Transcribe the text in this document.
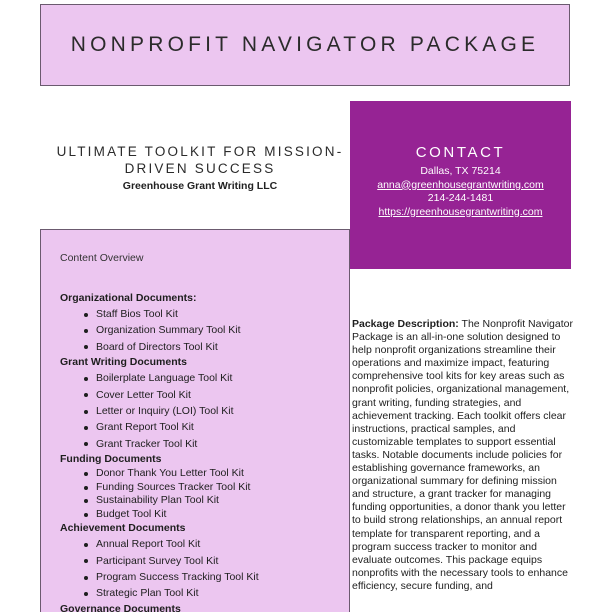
NONPROFIT NAVIGATOR PACKAGE
ULTIMATE TOOLKIT FOR MISSION-
DRIVEN SUCCESS
Greenhouse Grant Writing LLC
CONTACT
Dallas, TX 75214
anna@greenhousegrantwriting.com
214-244-1481
https://greenhousegrantwriting.com
Content Overview
Organizational Documents:
Staff Bios Tool Kit
Organization Summary Tool Kit
Board of Directors Tool Kit
Grant Writing Documents
Boilerplate Language Tool Kit
Cover Letter Tool Kit
Letter or Inquiry (LOI) Tool Kit
Grant Report Tool Kit
Grant Tracker Tool Kit
Funding Documents
Donor Thank You Letter Tool Kit
Funding Sources Tracker Tool Kit
Sustainability Plan Tool Kit
Budget Tool Kit
Achievement Documents
Annual Report Tool Kit
Participant Survey Tool Kit
Program Success Tracking Tool Kit
Strategic Plan Tool Kit
Governance Documents
Package Description: The Nonprofit Navigator Package is an all-in-one solution designed to help nonprofit organizations streamline their operations and maximize impact, featuring comprehensive tool kits for key areas such as nonprofit policies, organizational management, grant writing, funding strategies, and achievement tracking. Each toolkit offers clear instructions, practical samples, and customizable templates to support essential tasks. Notable documents include policies for establishing governance frameworks, an organizational summary for defining mission and structure, a grant tracker for managing funding opportunities, a donor thank you letter to build strong relationships, an annual report template for transparent reporting, and a program success tracker to monitor and evaluate outcomes. This package equips nonprofits with the necessary tools to enhance efficiency, secure funding, and
